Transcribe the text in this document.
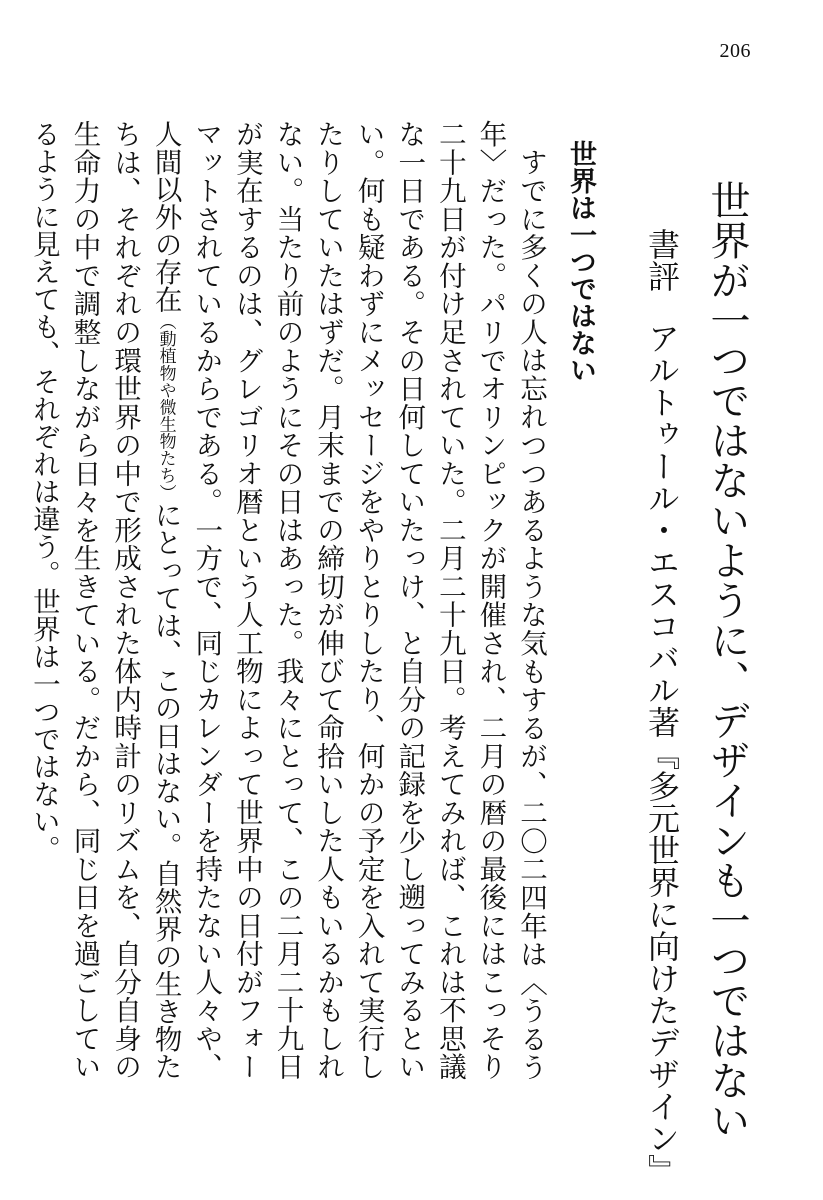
206
世界が一つではないように、デザインも一つではない
書評アルトゥール・エスコバル著『多元世界に向けたデザイン』
世界は一つではない

すでに多くの人は忘れつつあるような気もするが、二〇二四年は〈うるう年〉だった。パリでオリンピックが開催され、二月の暦の最後にはこっそり二十九日が付け足されていた。二月二十九日。考えてみれば、これは不思議な一日である。その日何していたっけ、と自分の記録を少し遡ってみるといい。何も疑わずにメッセージをやりとりしたり、何かの予定を入れて実行したりしていたはずだ。月末までの締切が伸びて命拾いした人もいるかもしれない。当たり前のようにその日はあった。我々にとって、この二月二十九日が実在するのは、グレゴリオ暦という人工物によって世界中の日付がフォーマットされているからである。一方で、同じカレンダーを持たない人々や、人間以外の存在（動植物や微生物たち）にとっては、この日はない。自然界の生き物たちは、それぞれの環世界の中で形成された体内時計のリズムを、自分自身の生命力の中で調整しながら日々を生きている。だから、同じ日を過ごしているように見えても、それぞれは違う。世界は一つではない。
